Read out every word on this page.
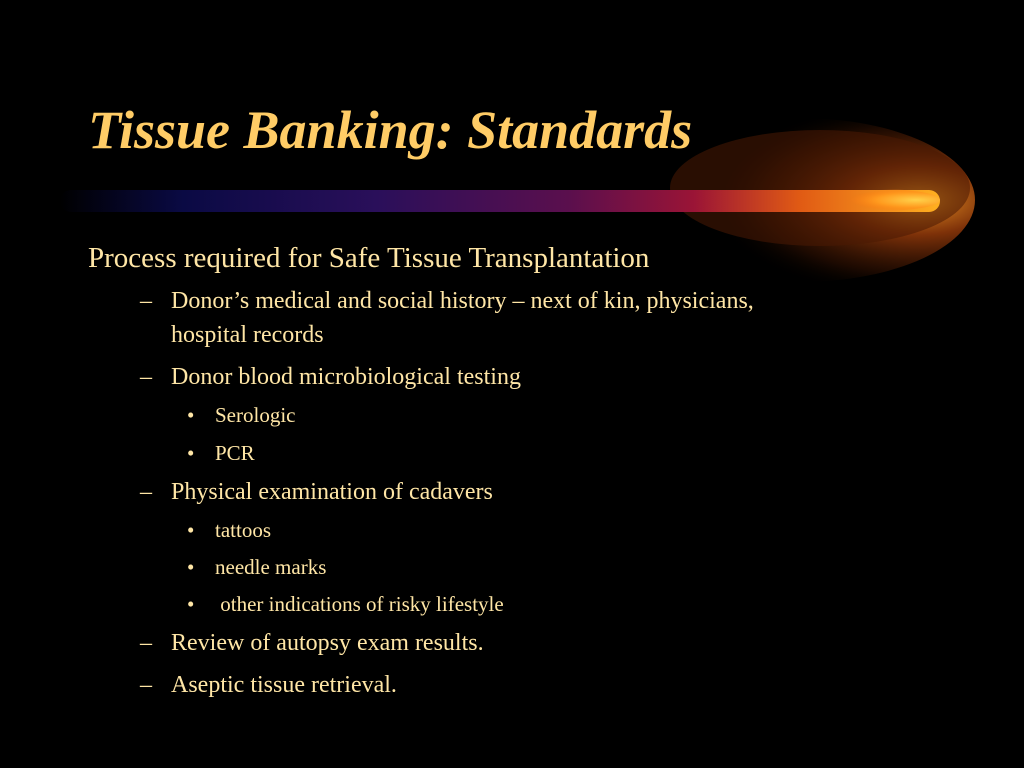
Tissue Banking: Standards
Process required for Safe Tissue Transplantation
– Donor’s medical and social history – next of kin, physicians,
hospital records
– Donor blood microbiological testing
• Serologic
• PCR
– Physical examination of cadavers
• tattoos
• needle marks
• other indications of risky lifestyle
– Review of autopsy exam results.
– Aseptic tissue retrieval.
